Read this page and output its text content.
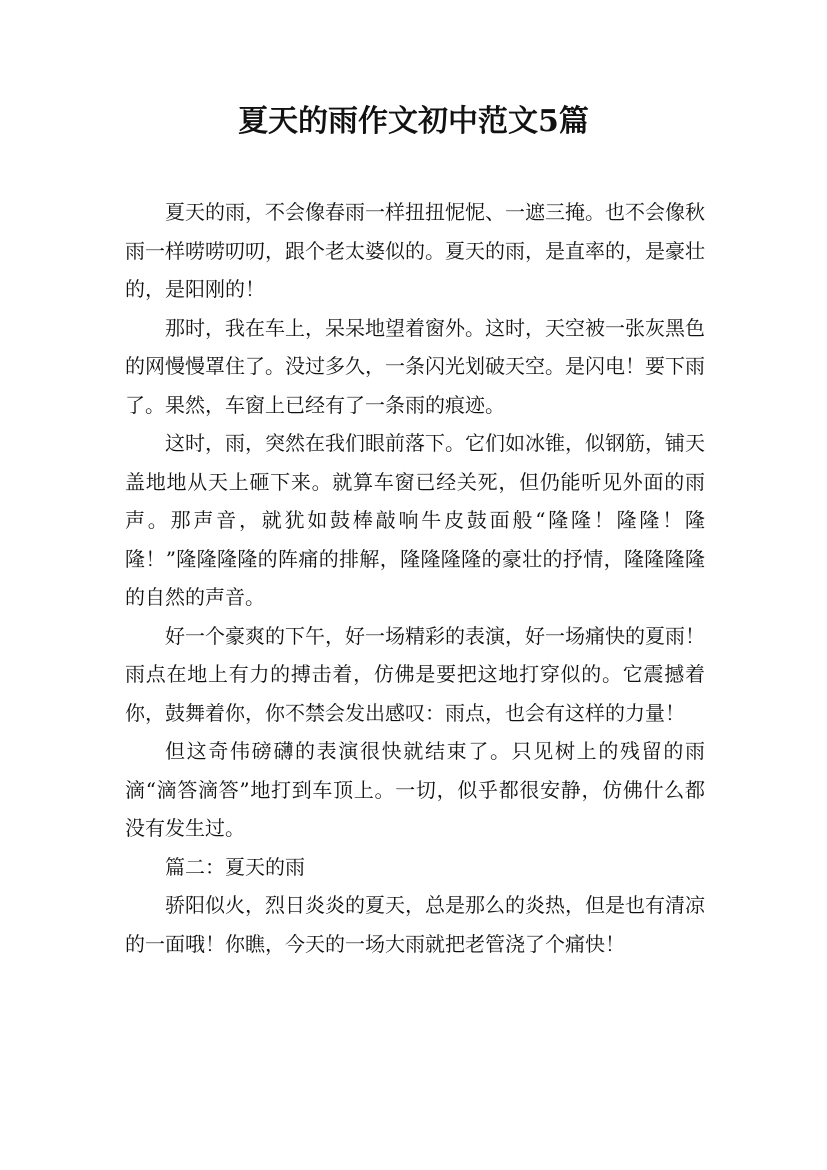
夏天的雨作文初中范文5篇

夏天的雨，不会像春雨一样扭扭怩怩、一遮三掩。也不会像秋雨一样唠唠叨叨，跟个老太婆似的。夏天的雨，是直率的，是豪壮的，是阳刚的！

那时，我在车上，呆呆地望着窗外。这时，天空被一张灰黑色的网慢慢罩住了。没过多久，一条闪光划破天空。是闪电！要下雨了。果然，车窗上已经有了一条雨的痕迹。

这时，雨，突然在我们眼前落下。它们如冰锥，似钢筋，铺天盖地地从天上砸下来。就算车窗已经关死，但仍能听见外面的雨声。那声音，就犹如鼓棒敲响牛皮鼓面般“隆隆！隆隆！隆隆！”隆隆隆隆的阵痛的排解，隆隆隆隆的豪壮的抒情，隆隆隆隆的自然的声音。

好一个豪爽的下午，好一场精彩的表演，好一场痛快的夏雨！雨点在地上有力的搏击着，仿佛是要把这地打穿似的。它震撼着你，鼓舞着你，你不禁会发出感叹：雨点，也会有这样的力量！

但这奇伟磅礴的表演很快就结束了。只见树上的残留的雨滴“滴答滴答”地打到车顶上。一切，似乎都很安静，仿佛什么都没有发生过。

篇二：夏天的雨

骄阳似火，烈日炎炎的夏天，总是那么的炎热，但是也有清凉的一面哦！你瞧，今天的一场大雨就把老管浇了个痛快！
